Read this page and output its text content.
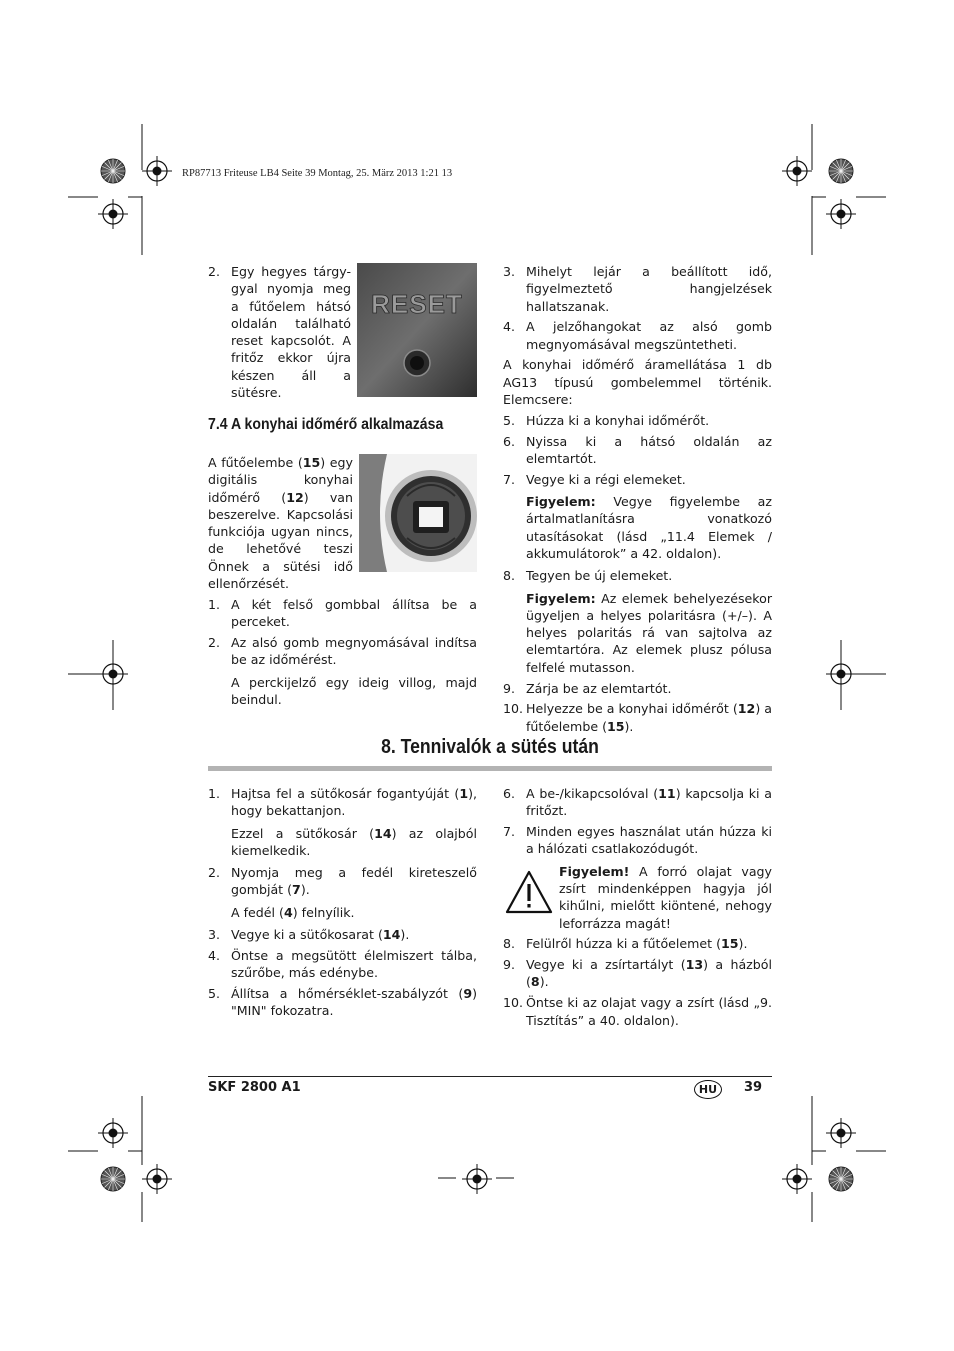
RP87713 Friteuse LB4 Seite 39 Montag, 25. März 2013 1:21 13
RESET

2. Egy hegyes tárgy-gyal nyomja meg a fűtőelem hátsó oldalán található reset kapcsolót. A fritőz ekkor újra készen áll a sütésre.

7.4 A konyhai időmérő alkalmazása

A fűtőelembe (15) egy digitális konyhai időmérő (12) van beszerelve. Kapcsolási funkciója ugyan nincs, de lehetővé teszi Önnek a sütési idő ellenőrzését.

1. A két felső gombbal állítsa be a perceket.

2. Az alsó gomb megnyomásával indítsa be az időmérést.

A perckijelző egy ideig villog, majd beindul.

3. Mihelyt lejár a beállított idő, figyelmeztető hangjelzések hallatszanak.

4. A jelzőhangokat az alsó gomb megnyomásával megszüntetheti.

A konyhai időmérő áramellátása 1 db AG13 típusú gombelemmel történik. Elemcsere:

5. Húzza ki a konyhai időmérőt.

6. Nyissa ki a hátsó oldalán az elemtartót.

7. Vegye ki a régi elemeket.

Figyelem: Vegye figyelembe az ártalmatlanításra vonatkozó utasításokat (lásd „11.4 Elemek / akkumulátorok” a 42. oldalon).

8. Tegyen be új elemeket.

Figyelem: Az elemek behelyezésekor ügyeljen a helyes polaritásra (+/–). A helyes polaritás rá van sajtolva az elemtartóra. Az elemek plusz pólusa felfelé mutasson.

9. Zárja be az elemtartót.

10. Helyezze be a konyhai időmérőt (12) a fűtőelembe (15).

8. Tennivalók a sütés után

1. Hajtsa fel a sütőkosár fogantyúját (1), hogy bekattanjon.

Ezzel a sütőkosár (14) az olajból kiemelkedik.

2. Nyomja meg a fedél kireteszelő gombját (7).

A fedél (4) felnyílik.

3. Vegye ki a sütőkosarat (14).

4. Öntse a megsütött élelmiszert tálba, szűrőbe, más edénybe.

5. Állítsa a hőmérséklet-szabályzót (9) "MIN" fokozatra.

6. A be-/kikapcsolóval (11) kapcsolja ki a fritőzt.

7. Minden egyes használat után húzza ki a hálózati csatlakozódugót.

Figyelem! A forró olajat vagy zsírt mindenképpen hagyja jól kihűlni, mielőtt kiöntené, nehogy leforrázza magát!

8. Felülről húzza ki a fűtőelemet (15).

9. Vegye ki a zsírtartályt (13) a házból (8).

10. Öntse ki az olajat vagy a zsírt (lásd „9. Tisztítás” a 40. oldalon).

SKF 2800 A1	HU	39
